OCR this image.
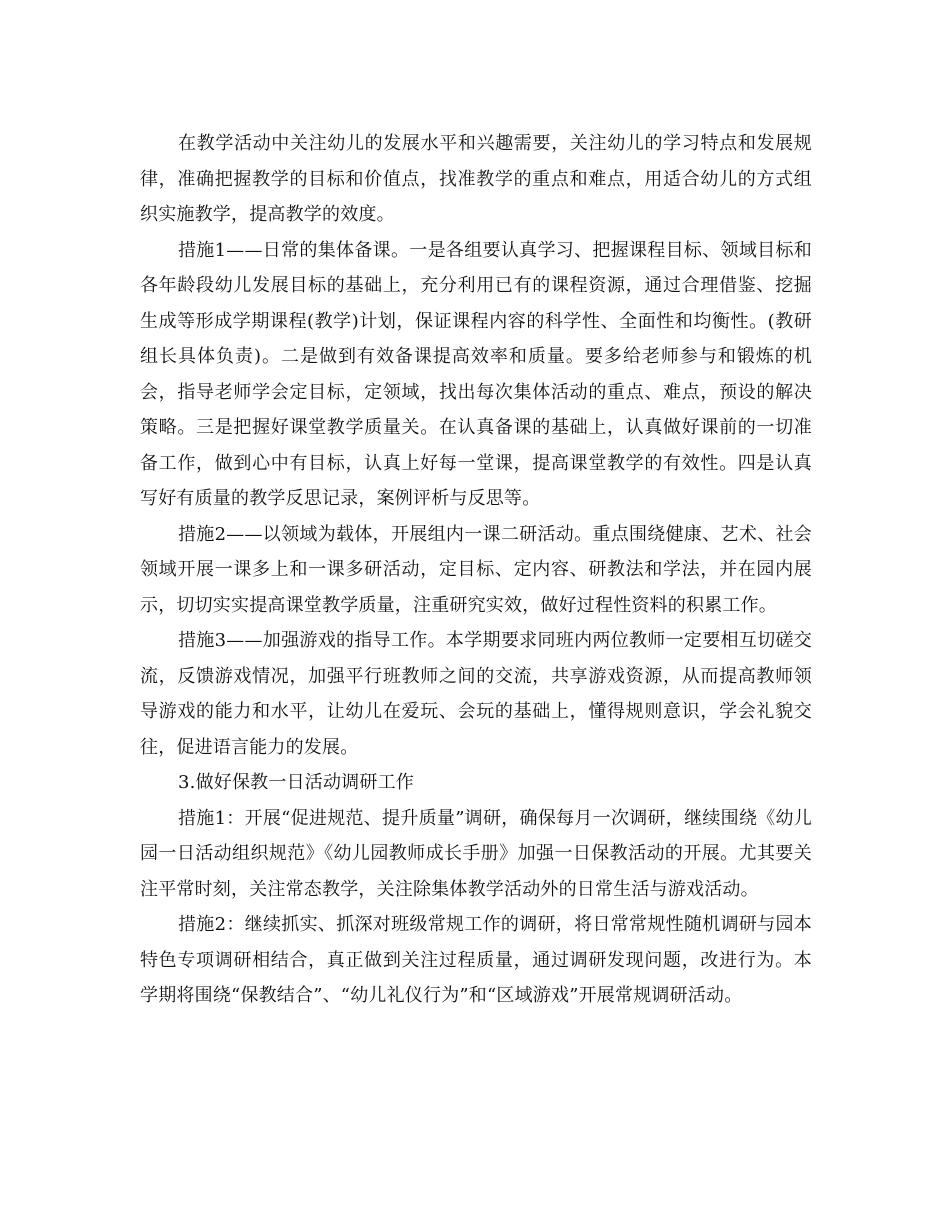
在教学活动中关注幼儿的发展水平和兴趣需要，关注幼儿的学习特点和发展规律，准确把握教学的目标和价值点，找准教学的重点和难点，用适合幼儿的方式组织实施教学，提高教学的效度。

措施1——日常的集体备课。一是各组要认真学习、把握课程目标、领域目标和各年龄段幼儿发展目标的基础上，充分利用已有的课程资源，通过合理借鉴、挖掘生成等形成学期课程(教学)计划，保证课程内容的科学性、全面性和均衡性。(教研组长具体负责)。二是做到有效备课提高效率和质量。要多给老师参与和锻炼的机会，指导老师学会定目标，定领域，找出每次集体活动的重点、难点，预设的解决策略。三是把握好课堂教学质量关。在认真备课的基础上，认真做好课前的一切准备工作，做到心中有目标，认真上好每一堂课，提高课堂教学的有效性。四是认真写好有质量的教学反思记录，案例评析与反思等。

措施2——以领域为载体，开展组内一课二研活动。重点围绕健康、艺术、社会领域开展一课多上和一课多研活动，定目标、定内容、研教法和学法，并在园内展示，切切实实提高课堂教学质量，注重研究实效，做好过程性资料的积累工作。

措施3——加强游戏的指导工作。本学期要求同班内两位教师一定要相互切磋交流，反馈游戏情况，加强平行班教师之间的交流，共享游戏资源，从而提高教师领导游戏的能力和水平，让幼儿在爱玩、会玩的基础上，懂得规则意识，学会礼貌交往，促进语言能力的发展。

3.做好保教一日活动调研工作

措施1：开展“促进规范、提升质量”调研，确保每月一次调研，继续围绕《幼儿园一日活动组织规范》《幼儿园教师成长手册》加强一日保教活动的开展。尤其要关注平常时刻，关注常态教学，关注除集体教学活动外的日常生活与游戏活动。

措施2：继续抓实、抓深对班级常规工作的调研，将日常常规性随机调研与园本特色专项调研相结合，真正做到关注过程质量，通过调研发现问题，改进行为。本学期将围绕“保教结合”、“幼儿礼仪行为”和“区域游戏”开展常规调研活动。
